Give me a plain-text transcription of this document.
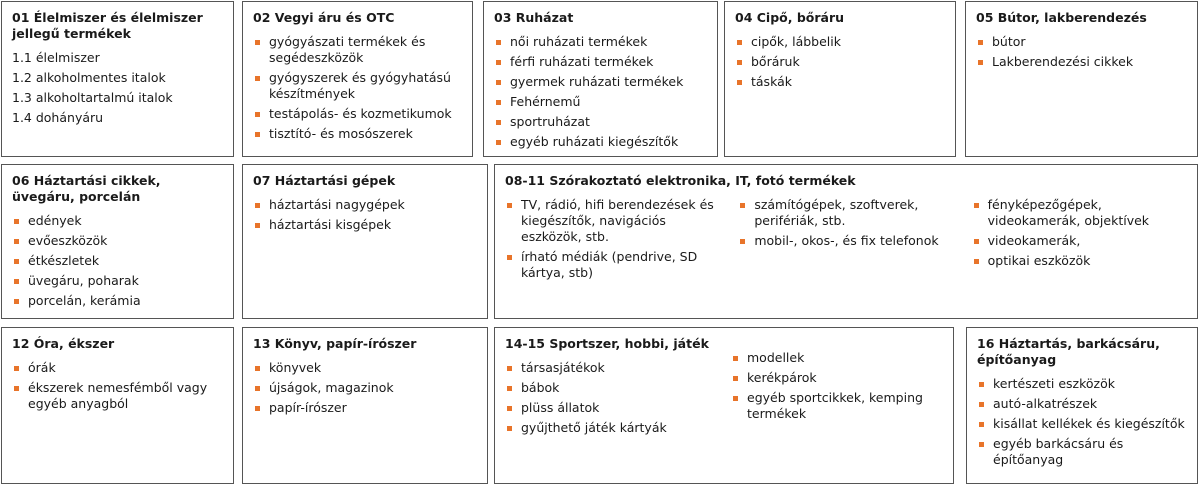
01 Élelmiszer és élelmiszer jellegű termékek
1.1 élelmiszer
1.2 alkoholmentes italok
1.3 alkoholtartalmú italok
1.4 dohányáru
02 Vegyi áru és OTC
gyógyászati termékek és segédeszközök
gyógyszerek és gyógyhatású készítmények
testápolás- és kozmetikumok
tisztító- és mosószerek
03 Ruházat
női ruházati termékek
férfi ruházati termékek
gyermek ruházati termékek
Fehérnemű
sportruházat
egyéb ruházati kiegészítők
04 Cipő, bőráru
cipők, lábbelik
bőráruk
táskák
05 Bútor, lakberendezés
bútor
Lakberendezési cikkek
06 Háztartási cikkek, üvegáru, porcelán
edények
evőeszközök
étkészletek
üvegáru, poharak
porcelán, kerámia
07 Háztartási gépek
háztartási nagygépek
háztartási kisgépek
08-11 Szórakoztató elektronika, IT, fotó termékek
TV, rádió, hifi berendezések és kiegészítők, navigációs eszközök, stb.
írható médiák (pendrive, SD kártya, stb)
számítógépek, szoftverek, perifériák, stb.
mobil-, okos-, és fix telefonok
fényképezőgépek, videokamerák, objektívek
videokamerák,
optikai eszközök
12 Óra, ékszer
órák
ékszerek nemesfémből vagy egyéb anyagból
13 Könyv, papír-írószer
könyvek
újságok, magazinok
papír-írószer
14-15 Sportszer, hobbi, játék
társasjátékok
bábok
plüss állatok
gyűjthető játék kártyák
modellek
kerékpárok
egyéb sportcikkek, kemping termékek
16 Háztartás, barkácsáru, építőanyag
kertészeti eszközök
autó-alkatrészek
kisállat kellékek és kiegészítők
egyéb barkácsáru és építőanyag
